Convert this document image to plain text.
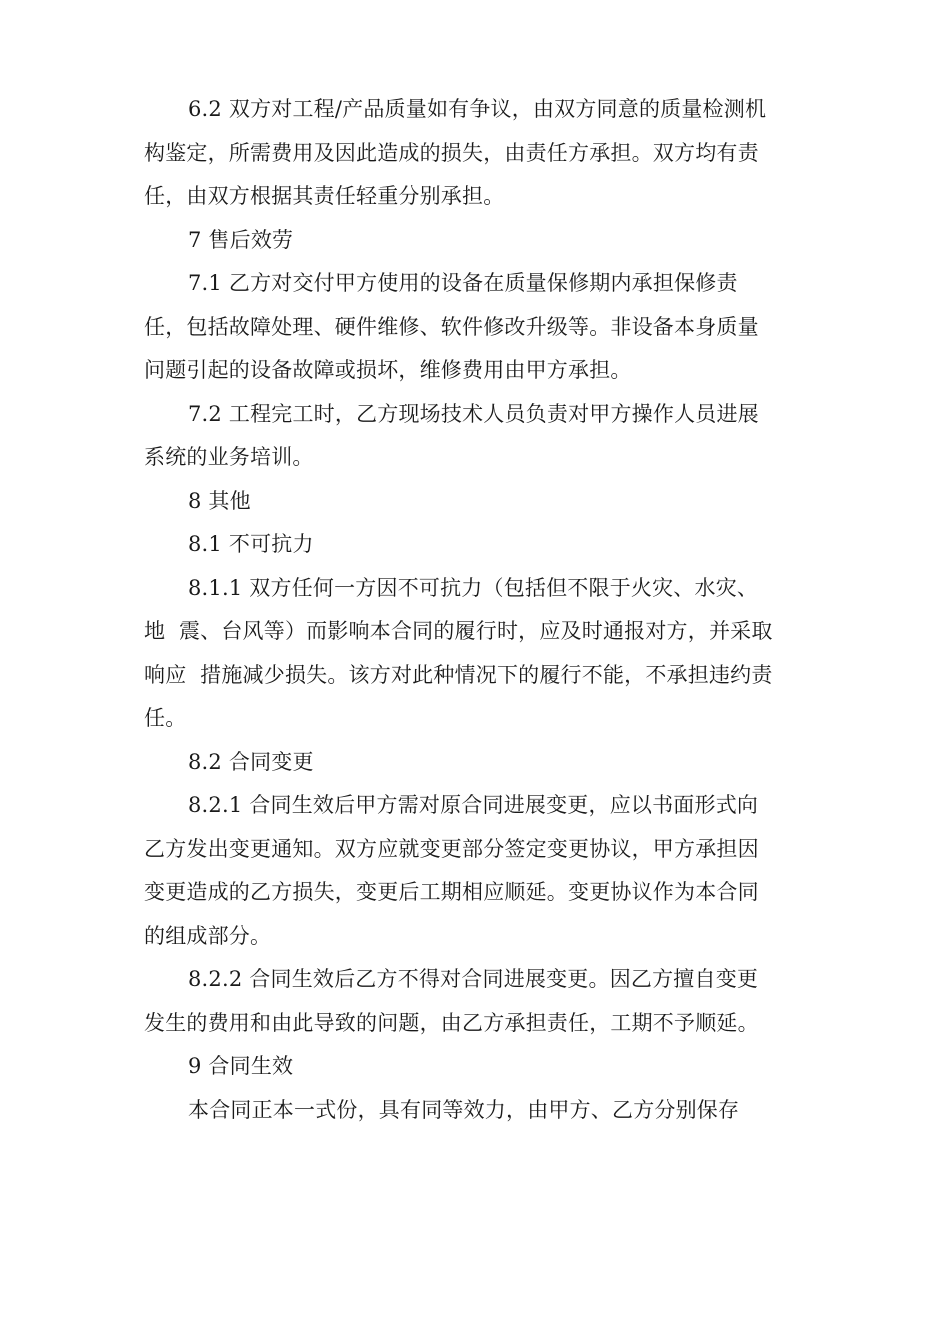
6.2 双方对工程/产品质量如有争议，由双方同意的质量检测机
构鉴定，所需费用及因此造成的损失，由责任方承担。双方均有责
任，由双方根据其责任轻重分别承担。

7 售后效劳

7.1 乙方对交付甲方使用的设备在质量保修期内承担保修责
任，包括故障处理、硬件维修、软件修改升级等。非设备本身质量
问题引起的设备故障或损坏，维修费用由甲方承担。

7.2 工程完工时，乙方现场技术人员负责对甲方操作人员进展
系统的业务培训。

8 其他

8.1 不可抗力

8.1.1 双方任何一方因不可抗力（包括但不限于火灾、水灾、
地  震、台风等）而影响本合同的履行时，应及时通报对方，并采取
响应  措施减少损失。该方对此种情况下的履行不能，不承担违约责
任。

8.2 合同变更

8.2.1 合同生效后甲方需对原合同进展变更，应以书面形式向
乙方发出变更通知。双方应就变更部分签定变更协议，甲方承担因
变更造成的乙方损失，变更后工期相应顺延。变更协议作为本合同
的组成部分。

8.2.2 合同生效后乙方不得对合同进展变更。因乙方擅自变更
发生的费用和由此导致的问题，由乙方承担责任，工期不予顺延。

9 合同生效

本合同正本一式份，具有同等效力，由甲方、乙方分别保存
